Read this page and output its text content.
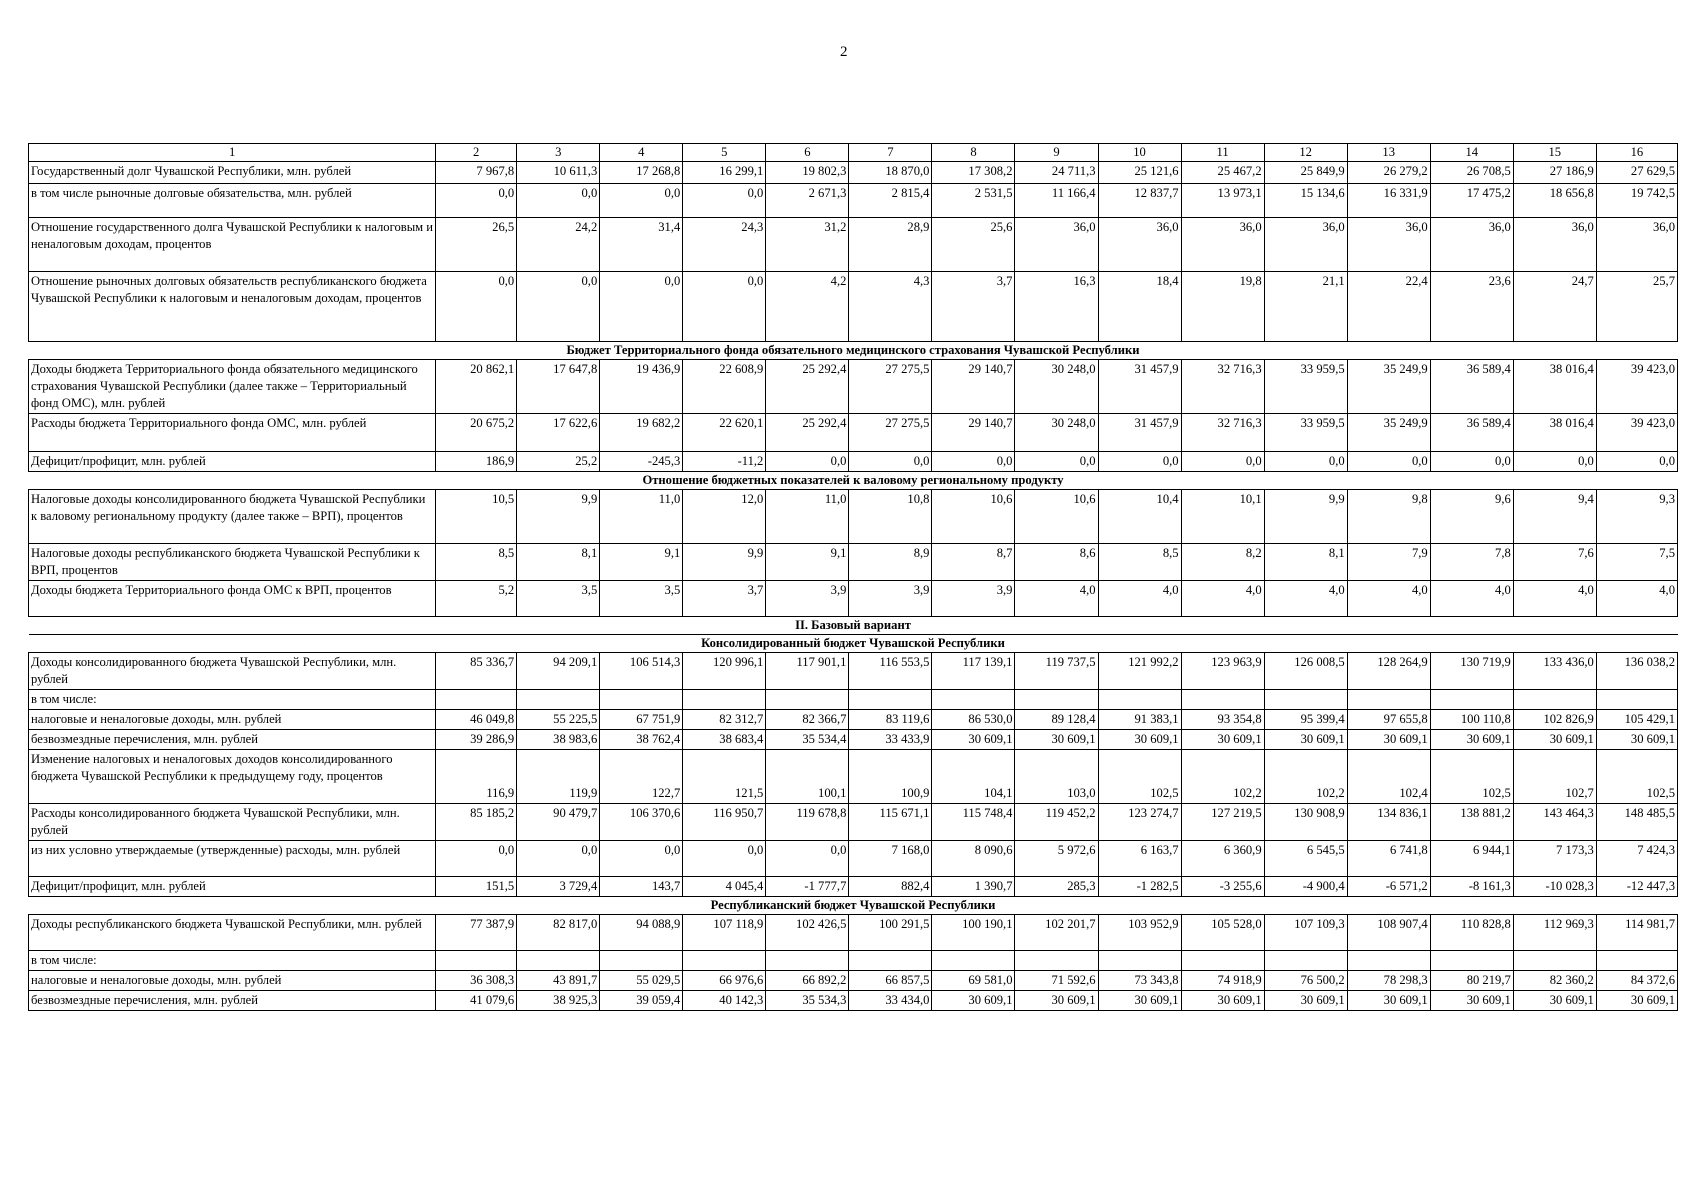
2
1	2	3	4	5	6	7	8	9	10	11	12	13	14	15	16
Государственный долг Чувашской Республики, млн. рублей	7 967,8	10 611,3	17 268,8	16 299,1	19 802,3	18 870,0	17 308,2	24 711,3	25 121,6	25 467,2	25 849,9	26 279,2	26 708,5	27 186,9	27 629,5
в том числе рыночные долговые обязательства, млн. рублей	0,0	0,0	0,0	0,0	2 671,3	2 815,4	2 531,5	11 166,4	12 837,7	13 973,1	15 134,6	16 331,9	17 475,2	18 656,8	19 742,5
Отношение государственного долга Чувашской Республики к налоговым и неналоговым доходам, процентов	26,5	24,2	31,4	24,3	31,2	28,9	25,6	36,0	36,0	36,0	36,0	36,0	36,0	36,0	36,0
Отношение рыночных долговых обязательств республиканского бюджета Чувашской Республики к налоговым и неналоговым доходам, процентов	0,0	0,0	0,0	0,0	4,2	4,3	3,7	16,3	18,4	19,8	21,1	22,4	23,6	24,7	25,7
Бюджет Территориального фонда обязательного медицинского страхования Чувашской Республики															
Доходы бюджета Территориального фонда обязательного медицинского страхования Чувашской Республики (далее также – Территориальный фонд ОМС), млн. рублей	20 862,1	17 647,8	19 436,9	22 608,9	25 292,4	27 275,5	29 140,7	30 248,0	31 457,9	32 716,3	33 959,5	35 249,9	36 589,4	38 016,4	39 423,0
Расходы бюджета Территориального фонда ОМС, млн. рублей	20 675,2	17 622,6	19 682,2	22 620,1	25 292,4	27 275,5	29 140,7	30 248,0	31 457,9	32 716,3	33 959,5	35 249,9	36 589,4	38 016,4	39 423,0
Дефицит/профицит, млн. рублей	186,9	25,2	-245,3	-11,2	0,0	0,0	0,0	0,0	0,0	0,0	0,0	0,0	0,0	0,0	0,0
Отношение бюджетных показателей к валовому региональному продукту															
Налоговые доходы консолидированного бюджета Чувашской Республики к валовому региональному продукту (далее также – ВРП), процентов	10,5	9,9	11,0	12,0	11,0	10,8	10,6	10,6	10,4	10,1	9,9	9,8	9,6	9,4	9,3
Налоговые доходы республиканского бюджета Чувашской Республики к ВРП, процентов	8,5	8,1	9,1	9,9	9,1	8,9	8,7	8,6	8,5	8,2	8,1	7,9	7,8	7,6	7,5
Доходы бюджета Территориального фонда ОМС к ВРП, процентов	5,2	3,5	3,5	3,7	3,9	3,9	3,9	4,0	4,0	4,0	4,0	4,0	4,0	4,0	4,0
II. Базовый вариант															
Консолидированный бюджет Чувашской Республики															
Доходы консолидированного бюджета Чувашской Республики, млн. рублей	85 336,7	94 209,1	106 514,3	120 996,1	117 901,1	116 553,5	117 139,1	119 737,5	121 992,2	123 963,9	126 008,5	128 264,9	130 719,9	133 436,0	136 038,2
в том числе:															
налоговые и неналоговые доходы, млн. рублей	46 049,8	55 225,5	67 751,9	82 312,7	82 366,7	83 119,6	86 530,0	89 128,4	91 383,1	93 354,8	95 399,4	97 655,8	100 110,8	102 826,9	105 429,1
безвозмездные перечисления, млн. рублей	39 286,9	38 983,6	38 762,4	38 683,4	35 534,4	33 433,9	30 609,1	30 609,1	30 609,1	30 609,1	30 609,1	30 609,1	30 609,1	30 609,1	30 609,1
Изменение налоговых и неналоговых доходов консолидированного бюджета Чувашской Республики к предыдущему году, процентов	116,9	119,9	122,7	121,5	100,1	100,9	104,1	103,0	102,5	102,2	102,2	102,4	102,5	102,7	102,5
Расходы консолидированного бюджета Чувашской Республики, млн. рублей	85 185,2	90 479,7	106 370,6	116 950,7	119 678,8	115 671,1	115 748,4	119 452,2	123 274,7	127 219,5	130 908,9	134 836,1	138 881,2	143 464,3	148 485,5
из них условно утверждаемые (утвержденные) расходы, млн. рублей	0,0	0,0	0,0	0,0	0,0	7 168,0	8 090,6	5 972,6	6 163,7	6 360,9	6 545,5	6 741,8	6 944,1	7 173,3	7 424,3
Дефицит/профицит, млн. рублей	151,5	3 729,4	143,7	4 045,4	-1 777,7	882,4	1 390,7	285,3	-1 282,5	-3 255,6	-4 900,4	-6 571,2	-8 161,3	-10 028,3	-12 447,3
Республиканский бюджет Чувашской Республики															
Доходы республиканского бюджета Чувашской Республики, млн. рублей	77 387,9	82 817,0	94 088,9	107 118,9	102 426,5	100 291,5	100 190,1	102 201,7	103 952,9	105 528,0	107 109,3	108 907,4	110 828,8	112 969,3	114 981,7
в том числе:															
налоговые и неналоговые доходы, млн. рублей	36 308,3	43 891,7	55 029,5	66 976,6	66 892,2	66 857,5	69 581,0	71 592,6	73 343,8	74 918,9	76 500,2	78 298,3	80 219,7	82 360,2	84 372,6
безвозмездные перечисления, млн. рублей	41 079,6	38 925,3	39 059,4	40 142,3	35 534,3	33 434,0	30 609,1	30 609,1	30 609,1	30 609,1	30 609,1	30 609,1	30 609,1	30 609,1	30 609,1
